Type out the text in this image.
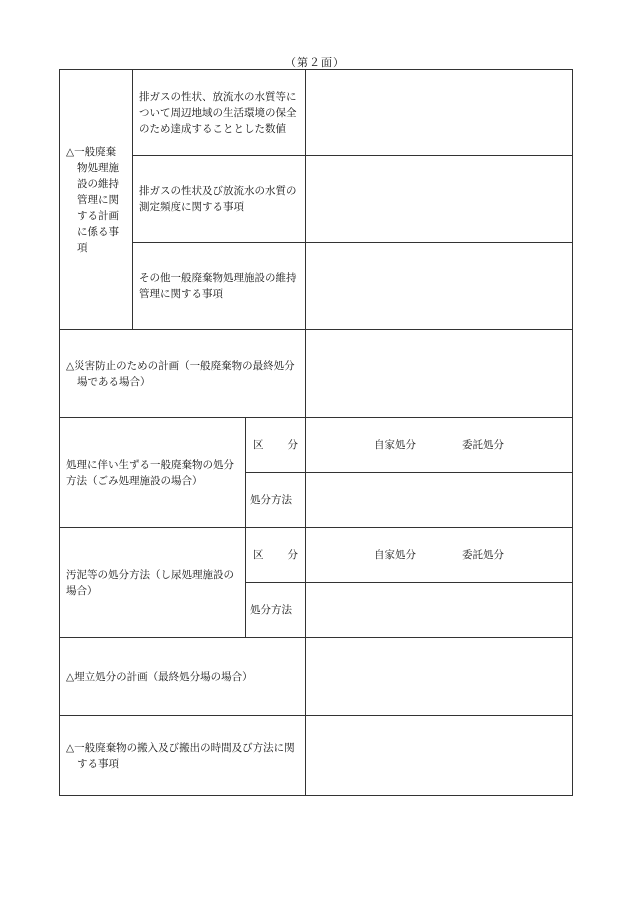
（第２面）
△一般廃棄物処理施設の維持管理に関する計画に係る事項	排ガスの性状、放流水の水質等について周辺地域の生活環境の保全のため達成することとした数値		

	排ガスの性状及び放流水の水質の測定頻度に関する事項		

	その他一般廃棄物処理施設の維持管理に関する事項		

△災害防止のための計画（一般廃棄物の最終処分場である場合）			

処理に伴い生ずる一般廃棄物の処分方法（ごみ処理施設の場合）		区 分	自家処分 委託処分

		処分方法	

汚泥等の処分方法（し尿処理施設の場合）		区 分	自家処分 委託処分

		処分方法	

△埋立処分の計画（最終処分場の場合）			

△一般廃棄物の搬入及び搬出の時間及び方法に関する事項			
